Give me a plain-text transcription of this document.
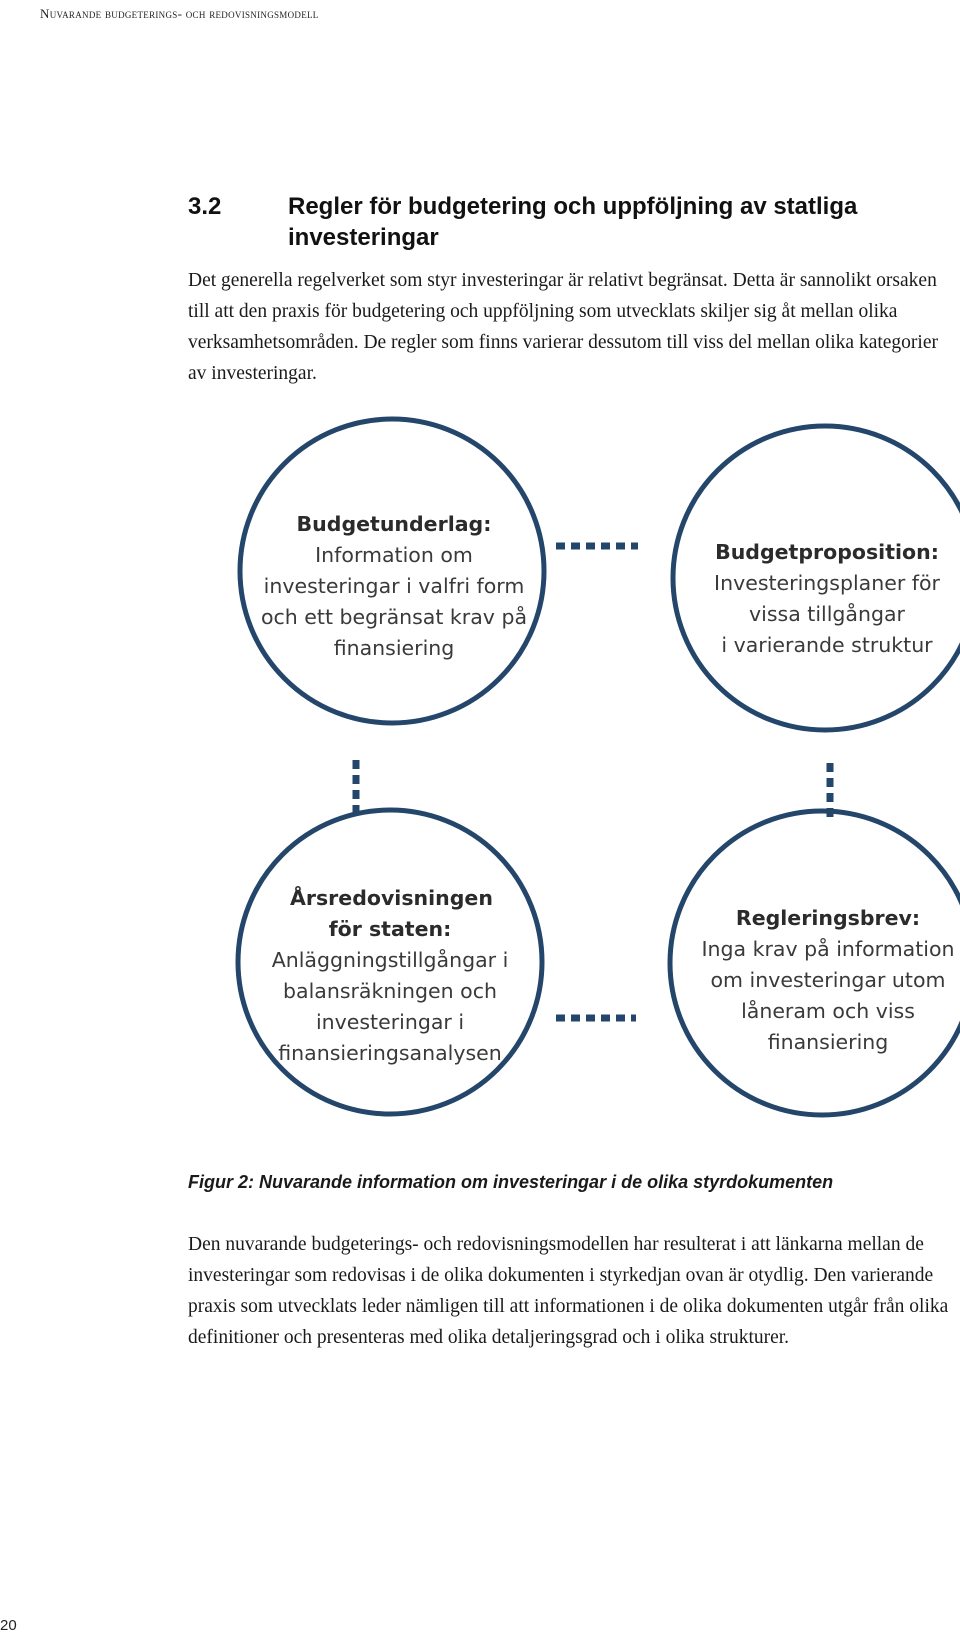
Nuvarande budgeterings- och redovisningsmodell
3.2	Regler för budgetering och uppföljning av statliga investeringar
Det generella regelverket som styr investeringar är relativt begränsat. Detta är sannolikt orsaken till att den praxis för budgetering och uppföljning som utvecklats skiljer sig åt mellan olika verksamhetsområden. De regler som finns varierar dessutom till viss del mellan olika kategorier av investeringar.
Budgetunderlag:
Information om
investeringar i valfri form
och ett begränsat krav på
finansiering
Budgetproposition:
Investeringsplaner för
vissa tillgångar
i varierande struktur
Årsredovisningen för staten:
Anläggningstillgångar i
balansräkningen och
investeringar i
finansieringsanalysen
Regleringsbrev:
Inga krav på information
om investeringar utom
låneram och viss
finansiering
Figur 2: Nuvarande information om investeringar i de olika styrdokumenten
Den nuvarande budgeterings- och redovisningsmodellen har resulterat i att länkarna mellan de investeringar som redovisas i de olika dokumenten i styrkedjan ovan är otydlig. Den varierande praxis som utvecklats leder nämligen till att informationen i de olika dokumenten utgår från olika definitioner och presenteras med olika detaljeringsgrad och i olika strukturer.
20
